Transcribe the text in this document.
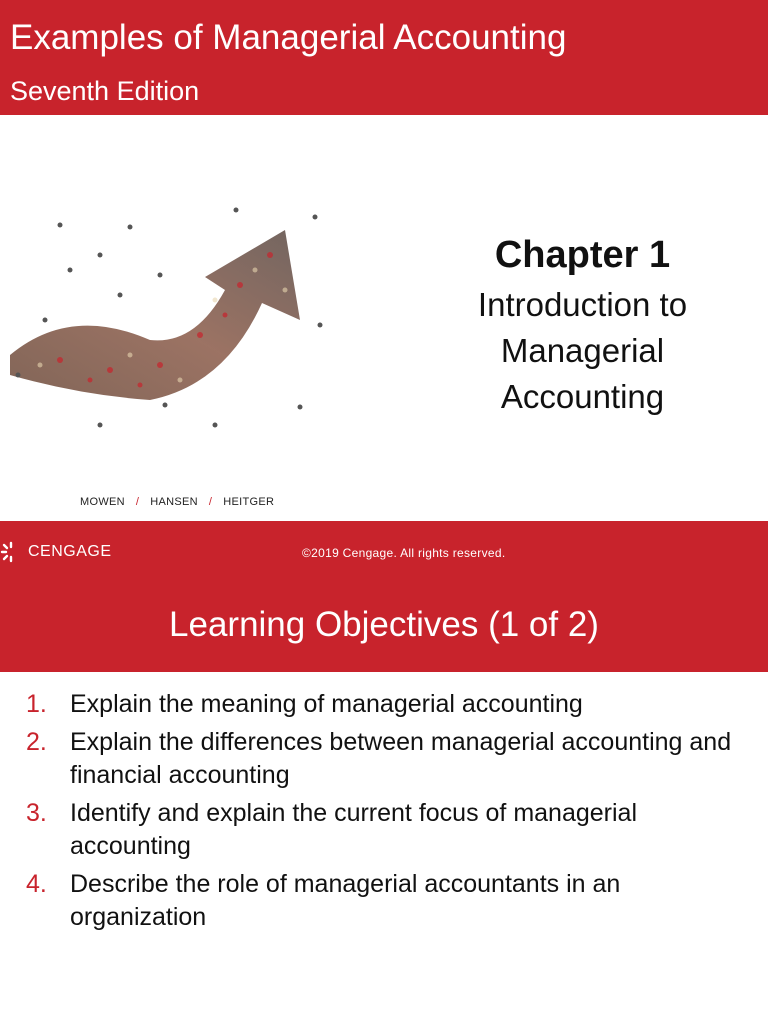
Examples of Managerial Accounting
Seventh Edition
Chapter 1
Introduction to
Managerial
Accounting
MOWEN / HANSEN / HEITGER
CENGAGE	©2019 Cengage. All rights reserved.
Learning Objectives (1 of 2)
1. Explain the meaning of managerial accounting
2. Explain the differences between managerial accounting and financial accounting
3. Identify and explain the current focus of managerial accounting
4. Describe the role of managerial accountants in an organization
